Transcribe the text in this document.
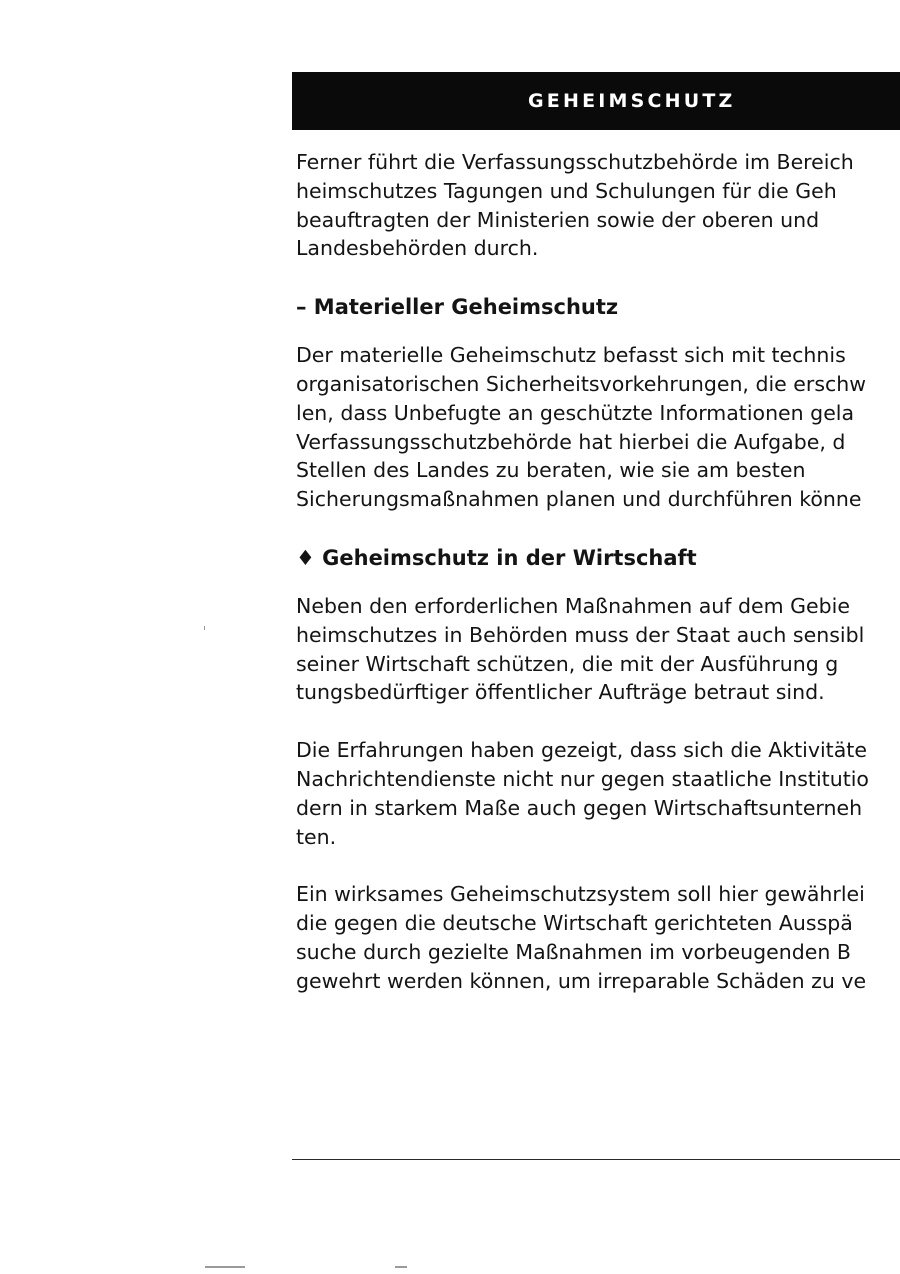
GEHEIMSCHUTZ

Ferner führt die Verfassungsschutzbehörde im Bereich
heimschutzes Tagungen und Schulungen für die Geh
beauftragten der Ministerien sowie der oberen und
Landesbehörden durch.

– Materieller Geheimschutz

Der materielle Geheimschutz befasst sich mit technis
organisatorischen Sicherheitsvorkehrungen, die erschw
len, dass Unbefugte an geschützte Informationen gela
Verfassungsschutzbehörde hat hierbei die Aufgabe, d
Stellen des Landes zu beraten, wie sie am besten
Sicherungsmaßnahmen planen und durchführen könne

♦ Geheimschutz in der Wirtschaft

Neben den erforderlichen Maßnahmen auf dem Gebie
heimschutzes in Behörden muss der Staat auch sensibl
seiner Wirtschaft schützen, die mit der Ausführung g
tungsbedürftiger öffentlicher Aufträge betraut sind.

Die Erfahrungen haben gezeigt, dass sich die Aktivitäte
Nachrichtendienste nicht nur gegen staatliche Institutio
dern in starkem Maße auch gegen Wirtschaftsunterneh
ten.

Ein wirksames Geheimschutzsystem soll hier gewährlei
die gegen die deutsche Wirtschaft gerichteten Ausspä
suche durch gezielte Maßnahmen im vorbeugenden B
gewehrt werden können, um irreparable Schäden zu ve
